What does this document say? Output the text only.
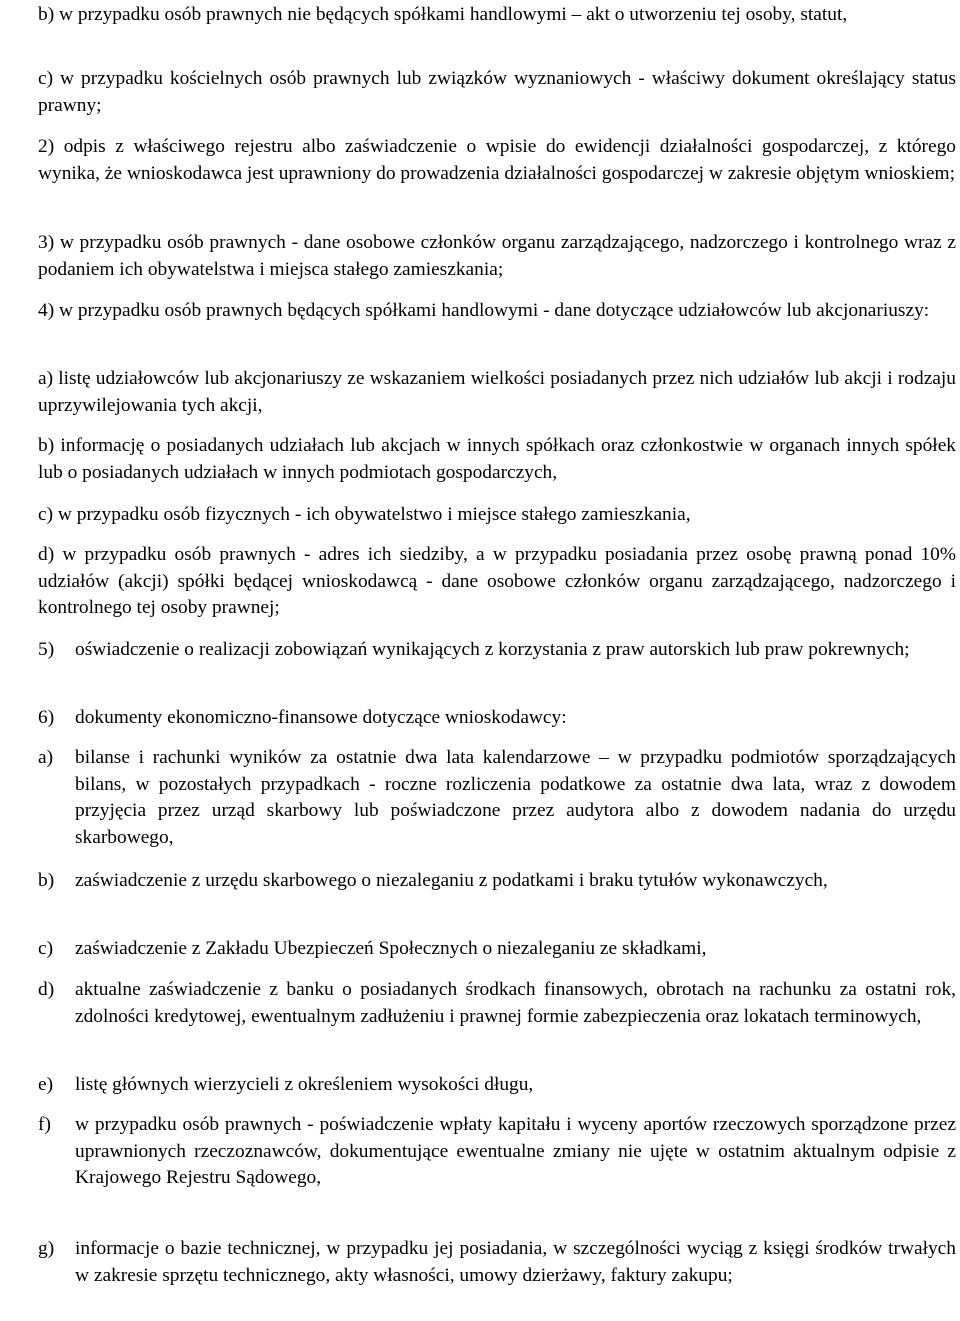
b) w przypadku osób prawnych nie będących spółkami handlowymi – akt o utworzeniu tej osoby, statut,

c) w przypadku kościelnych osób prawnych lub związków wyznaniowych - właściwy dokument określający status prawny;

2) odpis z właściwego rejestru albo zaświadczenie o wpisie do ewidencji działalności gospodarczej, z którego wynika, że wnioskodawca jest uprawniony do prowadzenia działalności gospodarczej w zakresie objętym wnioskiem;

3) w przypadku osób prawnych - dane osobowe członków organu zarządzającego, nadzorczego i kontrolnego wraz z podaniem ich obywatelstwa i miejsca stałego zamieszkania;

4) w przypadku osób prawnych będących spółkami handlowymi - dane dotyczące udziałowców lub akcjonariuszy:

a) listę udziałowców lub akcjonariuszy ze wskazaniem wielkości posiadanych przez nich udziałów lub akcji i rodzaju uprzywilejowania tych akcji,

b) informację o posiadanych udziałach lub akcjach w innych spółkach oraz członkostwie w organach innych spółek lub o posiadanych udziałach w innych podmiotach gospodarczych,

c) w przypadku osób fizycznych - ich obywatelstwo i miejsce stałego zamieszkania,

d) w przypadku osób prawnych - adres ich siedziby, a w przypadku posiadania przez osobę prawną ponad 10% udziałów (akcji) spółki będącej wnioskodawcą - dane osobowe członków organu zarządzającego, nadzorczego i kontrolnego tej osoby prawnej;

5) oświadczenie o realizacji zobowiązań wynikających z korzystania z praw autorskich lub praw pokrewnych;
6) dokumenty ekonomiczno-finansowe dotyczące wnioskodawcy:
a) bilanse i rachunki wyników za ostatnie dwa lata kalendarzowe – w przypadku podmiotów sporządzających bilans, w pozostałych przypadkach - roczne rozliczenia podatkowe za ostatnie dwa lata, wraz z dowodem przyjęcia przez urząd skarbowy lub poświadczone przez audytora albo z dowodem nadania do urzędu skarbowego,
b) zaświadczenie z urzędu skarbowego o niezaleganiu z podatkami i braku tytułów wykonawczych,
c) zaświadczenie z Zakładu Ubezpieczeń Społecznych o niezaleganiu ze składkami,
d) aktualne zaświadczenie z banku o posiadanych środkach finansowych, obrotach na rachunku za ostatni rok, zdolności kredytowej, ewentualnym zadłużeniu i prawnej formie zabezpieczenia oraz lokatach terminowych,
e) listę głównych wierzycieli z określeniem wysokości długu,
f) w przypadku osób prawnych - poświadczenie wpłaty kapitału i wyceny aportów rzeczowych sporządzone przez uprawnionych rzeczoznawców, dokumentujące ewentualne zmiany nie ujęte w ostatnim aktualnym odpisie z Krajowego Rejestru Sądowego,
g) informacje o bazie technicznej, w przypadku jej posiadania, w szczególności wyciąg z księgi środków trwałych w zakresie sprzętu technicznego, akty własności, umowy dzierżawy, faktury zakupu;
